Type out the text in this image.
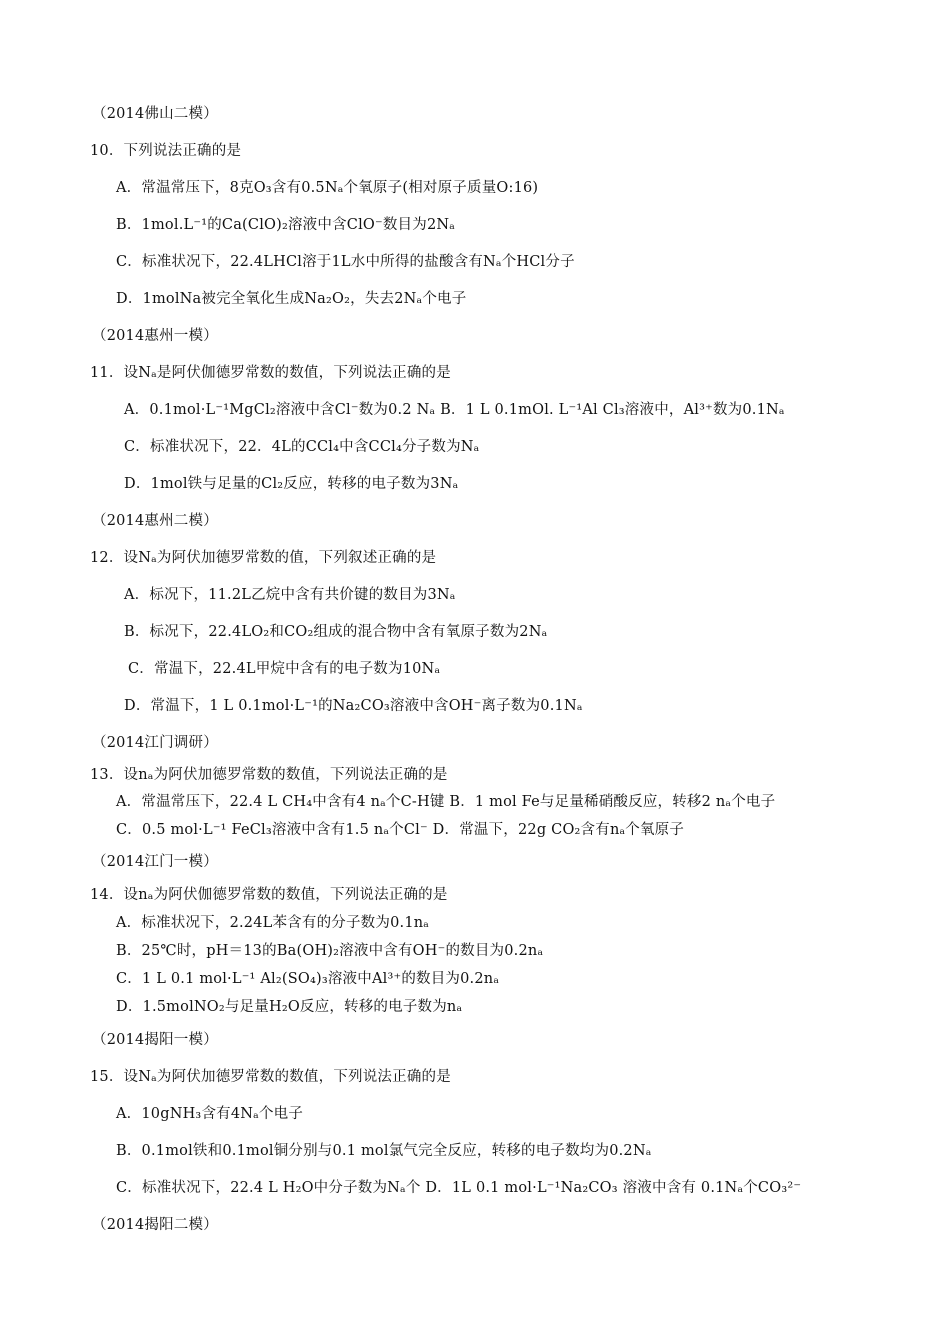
（2014佛山二模）
10．下列说法正确的是
A．常温常压下，8克O₃含有0.5Nₐ个氧原子(相对原子质量O:16)
B．1mol.L⁻¹的Ca(ClO)₂溶液中含ClO⁻数目为2Nₐ
C．标准状况下，22.4LHCl溶于1L水中所得的盐酸含有Nₐ个HCl分子
D．1molNa被完全氧化生成Na₂O₂，失去2Nₐ个电子
（2014惠州一模）
11．设Nₐ是阿伏伽德罗常数的数值，下列说法正确的是
A．0.1mol·L⁻¹MgCl₂溶液中含Cl⁻数为0.2 Nₐ B．1 L 0.1mOl. L⁻¹Al Cl₃溶液中，Al³⁺数为0.1Nₐ
C．标准状况下，22．4L的CCl₄中含CCl₄分子数为Nₐ
D．1mol铁与足量的Cl₂反应，转移的电子数为3Nₐ
（2014惠州二模）
12．设Nₐ为阿伏加德罗常数的值，下列叙述正确的是
A．标况下，11.2L乙烷中含有共价键的数目为3Nₐ
B．标况下，22.4LO₂和CO₂组成的混合物中含有氧原子数为2Nₐ
C．常温下，22.4L甲烷中含有的电子数为10Nₐ
D．常温下，1 L 0.1mol·L⁻¹的Na₂CO₃溶液中含OH⁻离子数为0.1Nₐ
（2014江门调研）
13．设nₐ为阿伏加德罗常数的数值，下列说法正确的是
A．常温常压下，22.4 L CH₄中含有4 nₐ个C-H键 B．1 mol Fe与足量稀硝酸反应，转移2 nₐ个电子
C．0.5 mol·L⁻¹ FeCl₃溶液中含有1.5 nₐ个Cl⁻ D．常温下，22g CO₂含有nₐ个氧原子
（2014江门一模）
14．设nₐ为阿伏伽德罗常数的数值，下列说法正确的是
A．标准状况下，2.24L苯含有的分子数为0.1nₐ
B．25℃时，pH＝13的Ba(OH)₂溶液中含有OH⁻的数目为0.2nₐ
C．1 L 0.1 mol·L⁻¹ Al₂(SO₄)₃溶液中Al³⁺的数目为0.2nₐ
D．1.5molNO₂与足量H₂O反应，转移的电子数为nₐ
（2014揭阳一模）
15．设Nₐ为阿伏加德罗常数的数值，下列说法正确的是
A．10gNH₃含有4Nₐ个电子
B．0.1mol铁和0.1mol铜分别与0.1 mol氯气完全反应，转移的电子数均为0.2Nₐ
C．标准状况下，22.4 L H₂O中分子数为Nₐ个 D．1L 0.1 mol·L⁻¹Na₂CO₃ 溶液中含有 0.1Nₐ个CO₃²⁻
（2014揭阳二模）
